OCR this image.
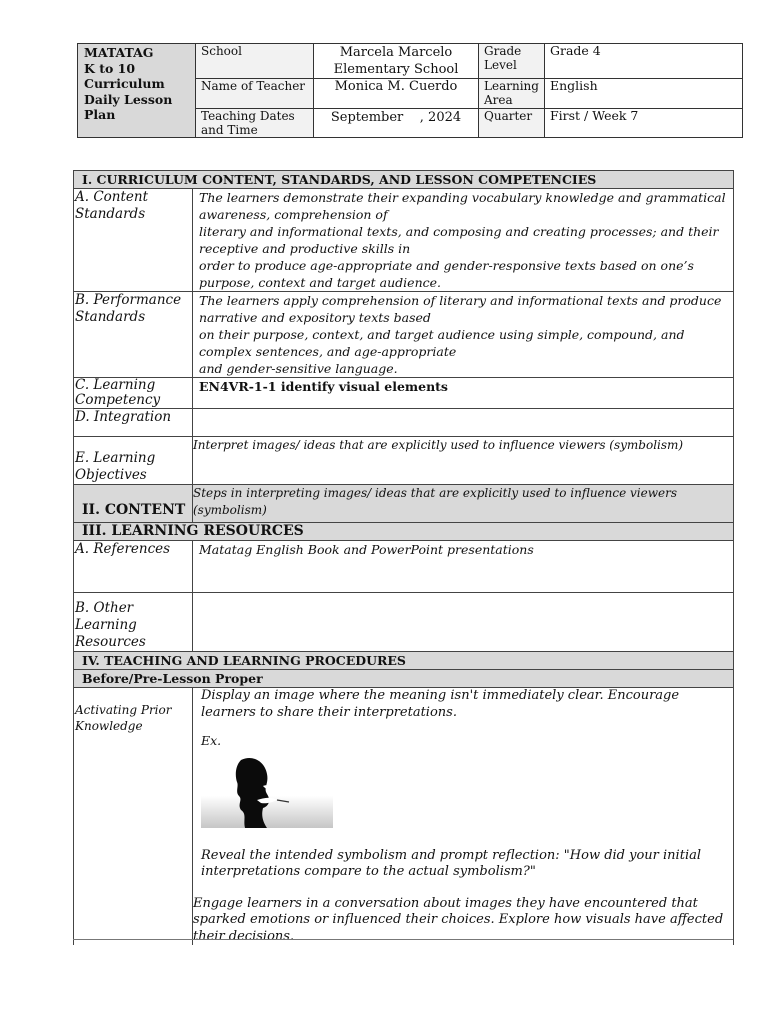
MATATAG
K to 10
Curriculum
Daily Lesson
Plan	School	Marcela Marcelo Elementary School	Grade Level	Grade 4
	Name of Teacher	Monica M. Cuerdo	Learning Area	English
	Teaching Dates and Time	September    , 2024	Quarter	First / Week 7
I. CURRICULUM CONTENT, STANDARDS, AND LESSON COMPETENCIES	
A. Content Standards	The learners demonstrate their expanding vocabulary knowledge and grammatical awareness, comprehension of
literary and informational texts, and composing and creating processes; and their receptive and productive skills in
order to produce age-appropriate and gender-responsive texts based on one’s purpose, context and target audience.

B. Performance Standards	The learners apply comprehension of literary and informational texts and produce narrative and expository texts based
on their purpose, context, and target audience using simple, compound, and complex sentences, and age-appropriate
and gender-sensitive language.

C. Learning Competency	EN4VR-1-1 identify visual elements
D. Integration	
E. Learning Objectives	Interpret images/ ideas that are explicitly used to influence viewers (symbolism)
II. CONTENT	Steps in interpreting images/ ideas that are explicitly used to influence viewers (symbolism)
III. LEARNING RESOURCES	
A. References	Matatag English Book and PowerPoint presentations
B. Other Learning Resources	
IV. TEACHING AND LEARNING PROCEDURES	
Before/Pre-Lesson Proper	
Activating Prior Knowledge	Display an image where the meaning isn't immediately clear. Encourage learners to share their interpretations.

Ex.

Reveal the intended symbolism and prompt reflection: "How did your initial interpretations compare to the actual symbolism?"

Engage learners in a conversation about images they have encountered that sparked emotions or influenced their choices. Explore how visuals have affected their decisions.
